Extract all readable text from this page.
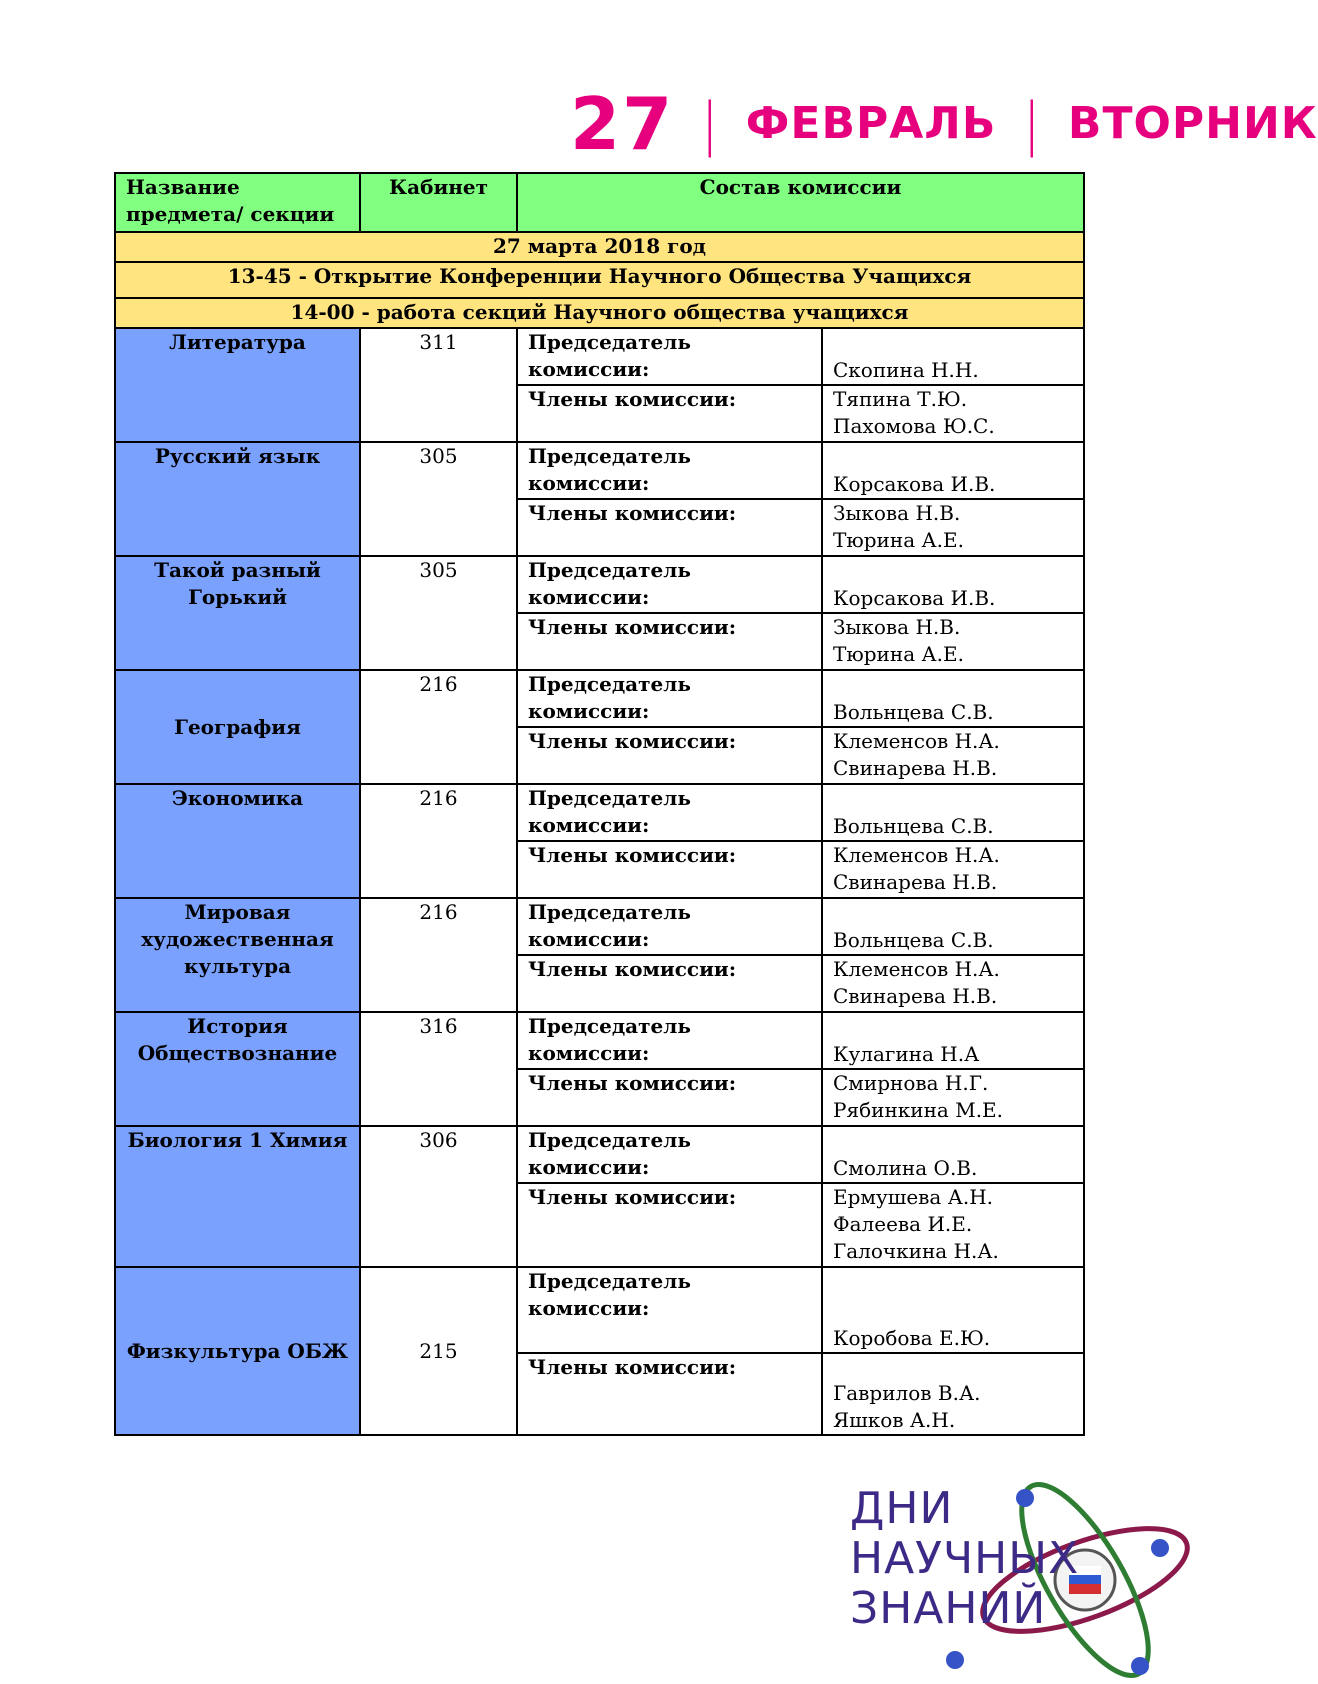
27 | ФЕВРАЛЬ | ВТОРНИК
Название предмета/ секции	Кабинет	Состав комиссии	
27 марта 2018 год			
13-45 - Открытие Конференции Научного Общества Учащихся			
14-00 - работа секций Научного общества учащихся			
Литература	311	Председатель комиссии:	Скопина Н.Н.
		Члены комиссии:	Тяпина Т.Ю.
Пахомова Ю.С.

Русский язык	305	Председатель комиссии:	Корсакова И.В.
		Члены комиссии:	Зыкова Н.В.
Тюрина А.Е.

Такой разный Горький	305	Председатель комиссии:	Корсакова И.В.
		Члены комиссии:	Зыкова Н.В.
Тюрина А.Е.

География	216	Председатель комиссии:	Вольнцева С.В.
		Члены комиссии:	Клеменсов Н.А.
Свинарева Н.В.

Экономика	216	Председатель комиссии:	Вольнцева С.В.
		Члены комиссии:	Клеменсов Н.А.
Свинарева Н.В.

Мировая художественная культура	216	Председатель комиссии:	Вольнцева С.В.
		Члены комиссии:	Клеменсов Н.А.
Свинарева Н.В.

История Обществознание	316	Председатель комиссии:	Кулагина Н.А
		Члены комиссии:	Смирнова Н.Г.
Рябинкина М.Е.

Биология 1 Химия	306	Председатель комиссии:	Смолина О.В.
		Члены комиссии:	Ермушева А.Н.
Фалеева И.Е.
Галочкина Н.А.

Физкультура ОБЖ	215	Председатель комиссии:	Коробова Е.Ю.
		Члены комиссии:	Гаврилов В.А.
Яшков А.Н.
ДНИ
НАУЧНЫХ
ЗНАНИЙ
